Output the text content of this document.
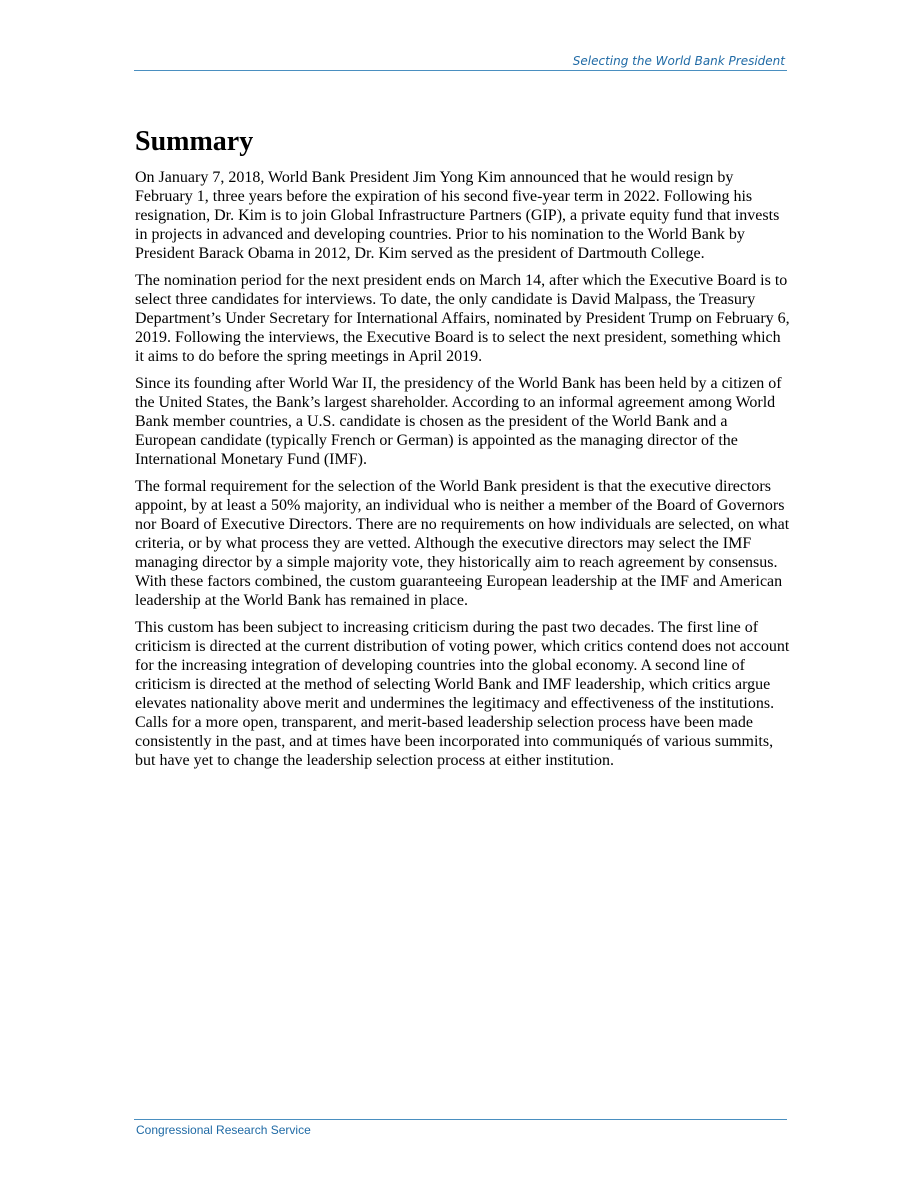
Selecting the World Bank President
Summary

On January 7, 2018, World Bank President Jim Yong Kim announced that he would resign by February 1, three years before the expiration of his second five-year term in 2022. Following his resignation, Dr. Kim is to join Global Infrastructure Partners (GIP), a private equity fund that invests in projects in advanced and developing countries. Prior to his nomination to the World Bank by President Barack Obama in 2012, Dr. Kim served as the president of Dartmouth College.

The nomination period for the next president ends on March 14, after which the Executive Board is to select three candidates for interviews. To date, the only candidate is David Malpass, the Treasury Department’s Under Secretary for International Affairs, nominated by President Trump on February 6, 2019. Following the interviews, the Executive Board is to select the next president, something which it aims to do before the spring meetings in April 2019.

Since its founding after World War II, the presidency of the World Bank has been held by a citizen of the United States, the Bank’s largest shareholder. According to an informal agreement among World Bank member countries, a U.S. candidate is chosen as the president of the World Bank and a European candidate (typically French or German) is appointed as the managing director of the International Monetary Fund (IMF).

The formal requirement for the selection of the World Bank president is that the executive directors appoint, by at least a 50% majority, an individual who is neither a member of the Board of Governors nor Board of Executive Directors. There are no requirements on how individuals are selected, on what criteria, or by what process they are vetted. Although the executive directors may select the IMF managing director by a simple majority vote, they historically aim to reach agreement by consensus. With these factors combined, the custom guaranteeing European leadership at the IMF and American leadership at the World Bank has remained in place.

This custom has been subject to increasing criticism during the past two decades. The first line of criticism is directed at the current distribution of voting power, which critics contend does not account for the increasing integration of developing countries into the global economy. A second line of criticism is directed at the method of selecting World Bank and IMF leadership, which critics argue elevates nationality above merit and undermines the legitimacy and effectiveness of the institutions. Calls for a more open, transparent, and merit-based leadership selection process have been made consistently in the past, and at times have been incorporated into communiqués of various summits, but have yet to change the leadership selection process at either institution.

Congressional Research Service
